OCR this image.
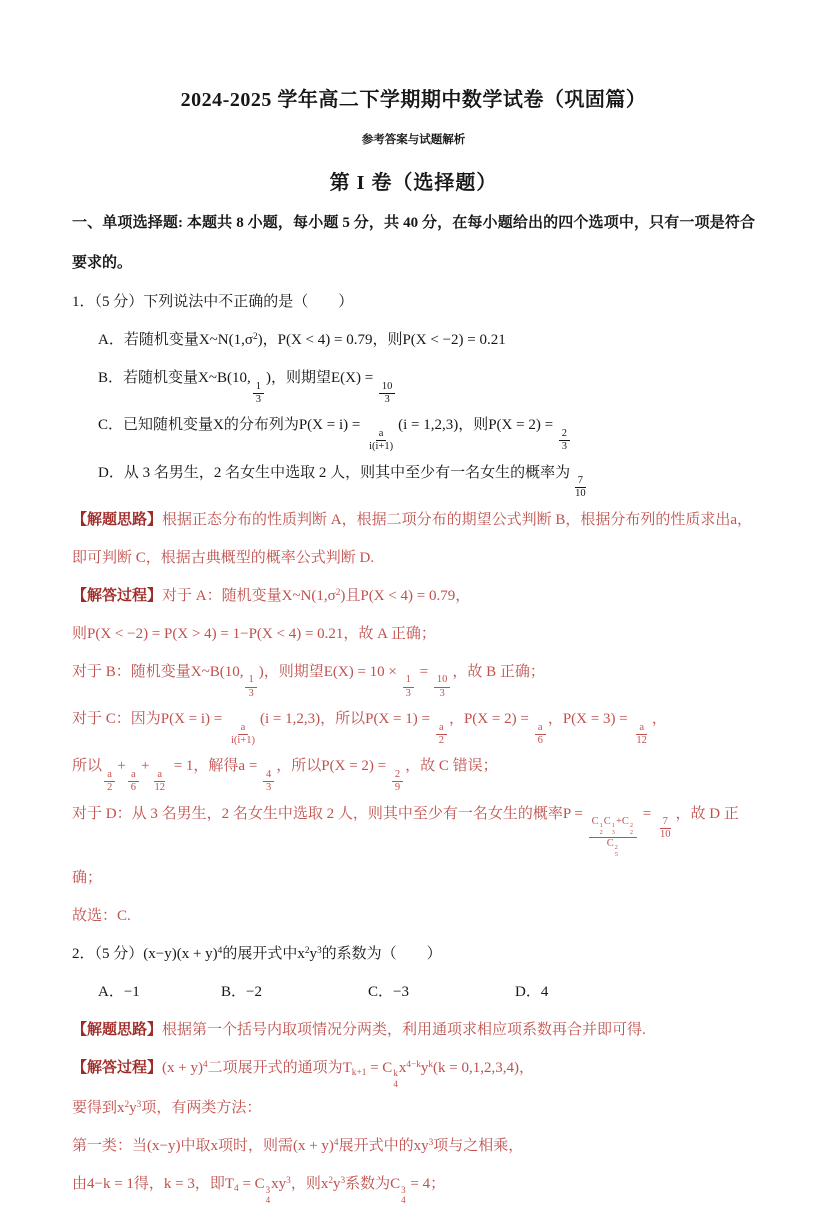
2024-2025 学年高二下学期期中数学试卷（巩固篇）
参考答案与试题解析
第 I 卷（选择题）

一、单项选择题: 本题共 8 小题，每小题 5 分，共 40 分，在每小题给出的四个选项中，只有一项是符合要求的。

1．（5 分）下列说法中不正确的是（　　）

A．若随机变量$X\sim N(1,\sigma^2)$，P(X < 4) = 0.79，则P(X < −2) = 0.21

B．若随机变量X~B(10,
$\frac{1}{3}$
)，则期望E(X) =
$\frac{10}{3}$

C．已知随机变量X的分布列为P(X = i) =
$\frac{a}{i(i+1)}$
(i = 1,2,3)，则P(X = 2) =
$\frac{2}{3}$

D．从 3 名男生，2 名女生中选取 2 人，则其中至少有一名女生的概率为
$\frac{7}{10}$

【解题思路】根据正态分布的性质判断 A，根据二项分布的期望公式判断 B，根据分布列的性质求出a，即可判断 C，根据古典概型的概率公式判断 D.

【解答过程】对于 A：随机变量$X\sim N(1,\sigma^2)$且P(X < 4) = 0.79，

则P(X < −2) = P(X > 4) = 1−P(X < 4) = 0.21，故 A 正确；

对于 B：随机变量X~B(10,
$\frac{1}{3}$
)，则期望E(X) = 10 ×
$\frac{1}{3}$
=
$\frac{10}{3}$
，故 B 正确；

对于 C：因为P(X = i) =
$\frac{a}{i(i+1)}$
(i = 1,2,3)，所以P(X = 1) =
$\frac{a}{2}$
，P(X = 2) =
$\frac{a}{6}$
，P(X = 3) =
$\frac{a}{12}$
，

所以
$\frac{a}{2}$
+
$\frac{a}{6}$
+
$\frac{a}{12}$
= 1，解得a =
$\frac{4}{3}$
，所以P(X = 2) =
$\frac{2}{9}$
，故 C 错误；

对于 D：从 3 名男生，2 名女生中选取 2 人，则其中至少有一名女生的概率P =
C 1
2
C 1
3
+C 2
2
C 2
5
=
$\frac{7}{10}$
，故 D 正确；

故选：C.

2．（5 分）$(x-y)(x + y)^4$的展开式中$x^2y^3$的系数为（　　）

A．−1	B．−2	C．−3	D．4

【解题思路】根据第一个括号内取项情况分两类，利用通项求相应项系数再合并即可得.

【解答过程】$(x + y)^4$二项展开式的通项为$T_{k+1} = C$ k
4
$x^{4-k}y^k(k = 0,1,2,3,4)$，

要得到$x^2y^3$项，有两类方法：

第一类：当(x−y)中取x项时，则需$(x + y)^4$展开式中的$xy^3$项与之相乘，

由4−k = 1得，k = 3，即$T_4 = C$ 3
4
$xy^3$，则$x^2y^3$系数为C 3
4
= 4；
